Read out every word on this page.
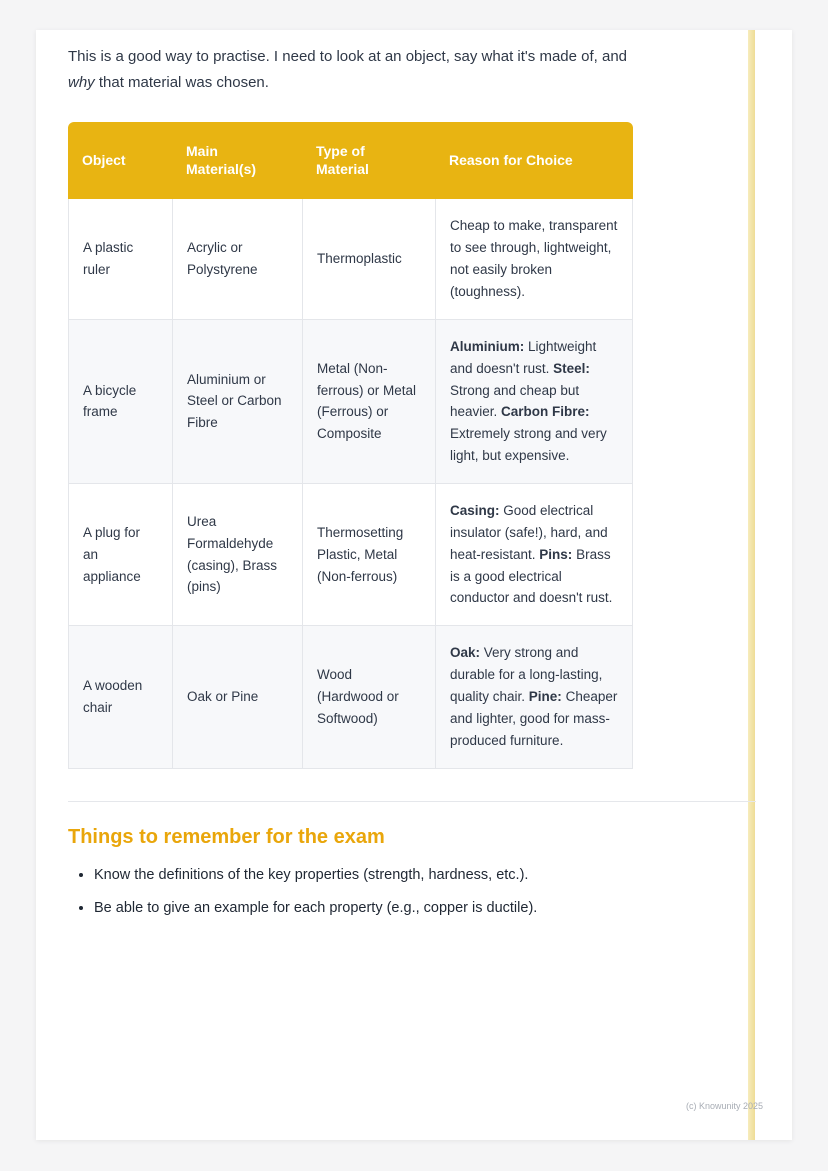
This is a good way to practise. I need to look at an object, say what it's made of, and why that material was chosen.

Object	Main Material(s)	Type of Material	Reason for Choice
A plastic ruler	Acrylic or Polystyrene	Thermoplastic	Cheap to make, transparent to see through, lightweight, not easily broken (toughness).
A bicycle frame	Aluminium or Steel or Carbon Fibre	Metal (Non-ferrous) or Metal (Ferrous) or Composite	Aluminium: Lightweight and doesn't rust. Steel: Strong and cheap but heavier. Carbon Fibre: Extremely strong and very light, but expensive.
A plug for an appliance	Urea Formaldehyde (casing), Brass (pins)	Thermosetting Plastic, Metal (Non-ferrous)	Casing: Good electrical insulator (safe!), hard, and heat-resistant. Pins: Brass is a good electrical conductor and doesn't rust.
A wooden chair	Oak or Pine	Wood (Hardwood or Softwood)	Oak: Very strong and durable for a long-lasting, quality chair. Pine: Cheaper and lighter, good for mass-produced furniture.
Things to remember for the exam
• Know the definitions of the key properties (strength, hardness, etc.).
• Be able to give an example for each property (e.g., copper is ductile).
(c) Knowunity 2025
